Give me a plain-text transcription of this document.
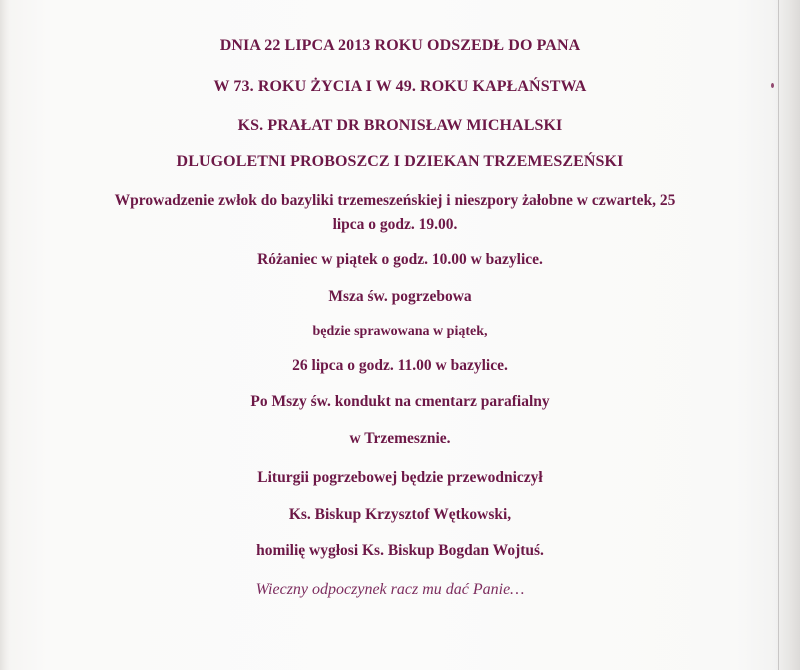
DNIA 22 LIPCA 2013 ROKU ODSZEDŁ DO PANA
W 73. ROKU ŻYCIA I W 49. ROKU KAPŁAŃSTWA
KS. PRAŁAT DR BRONISŁAW MICHALSKI
DLUGOLETNI PROBOSZCZ I DZIEKAN TRZEMESZEŃSKI
Wprowadzenie zwłok do bazyliki trzemeszeńskiej i nieszpory żałobne w czwartek, 25 lipca o godz. 19.00.
Różaniec w piątek o godz. 10.00 w bazylice.
Msza św. pogrzebowa
będzie sprawowana w piątek,
26 lipca o godz. 11.00 w bazylice.
Po Mszy św. kondukt na cmentarz parafialny
w Trzemesznie.
Liturgii pogrzebowej będzie przewodniczył
Ks. Biskup Krzysztof Wętkowski,
homilię wygłosi Ks. Biskup Bogdan Wojtuś.
Wieczny odpoczynek racz mu dać Panie…
